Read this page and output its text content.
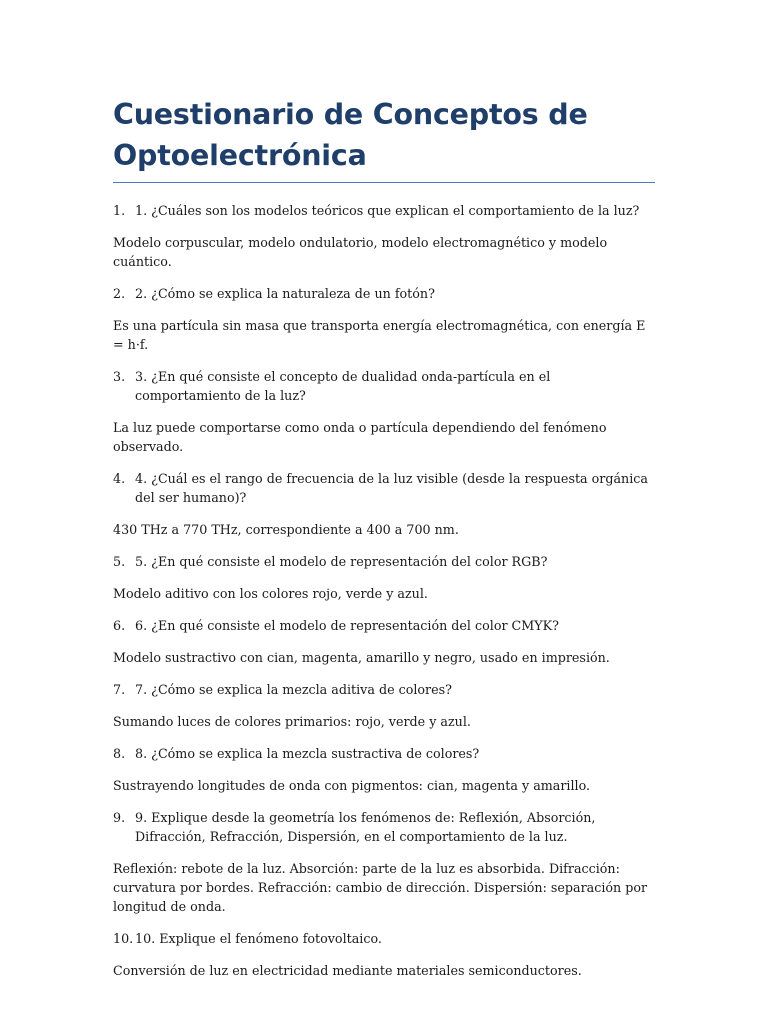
Cuestionario de Conceptos de Optoelectrónica
1. 1. ¿Cuáles son los modelos teóricos que explican el comportamiento de la luz?

Modelo corpuscular, modelo ondulatorio, modelo electromagnético y modelo cuántico.

2. 2. ¿Cómo se explica la naturaleza de un fotón?

Es una partícula sin masa que transporta energía electromagnética, con energía E = h·f.

3. 3. ¿En qué consiste el concepto de dualidad onda-partícula en el comportamiento de la luz?

La luz puede comportarse como onda o partícula dependiendo del fenómeno observado.

4. 4. ¿Cuál es el rango de frecuencia de la luz visible (desde la respuesta orgánica del ser humano)?

430 THz a 770 THz, correspondiente a 400 a 700 nm.

5. 5. ¿En qué consiste el modelo de representación del color RGB?

Modelo aditivo con los colores rojo, verde y azul.

6. 6. ¿En qué consiste el modelo de representación del color CMYK?

Modelo sustractivo con cian, magenta, amarillo y negro, usado en impresión.

7. 7. ¿Cómo se explica la mezcla aditiva de colores?

Sumando luces de colores primarios: rojo, verde y azul.

8. 8. ¿Cómo se explica la mezcla sustractiva de colores?

Sustrayendo longitudes de onda con pigmentos: cian, magenta y amarillo.

9. 9. Explique desde la geometría los fenómenos de: Reflexión, Absorción, Difracción, Refracción, Dispersión, en el comportamiento de la luz.

Reflexión: rebote de la luz. Absorción: parte de la luz es absorbida. Difracción: curvatura por bordes. Refracción: cambio de dirección. Dispersión: separación por longitud de onda.

10. 10. Explique el fenómeno fotovoltaico.

Conversión de luz en electricidad mediante materiales semiconductores.
